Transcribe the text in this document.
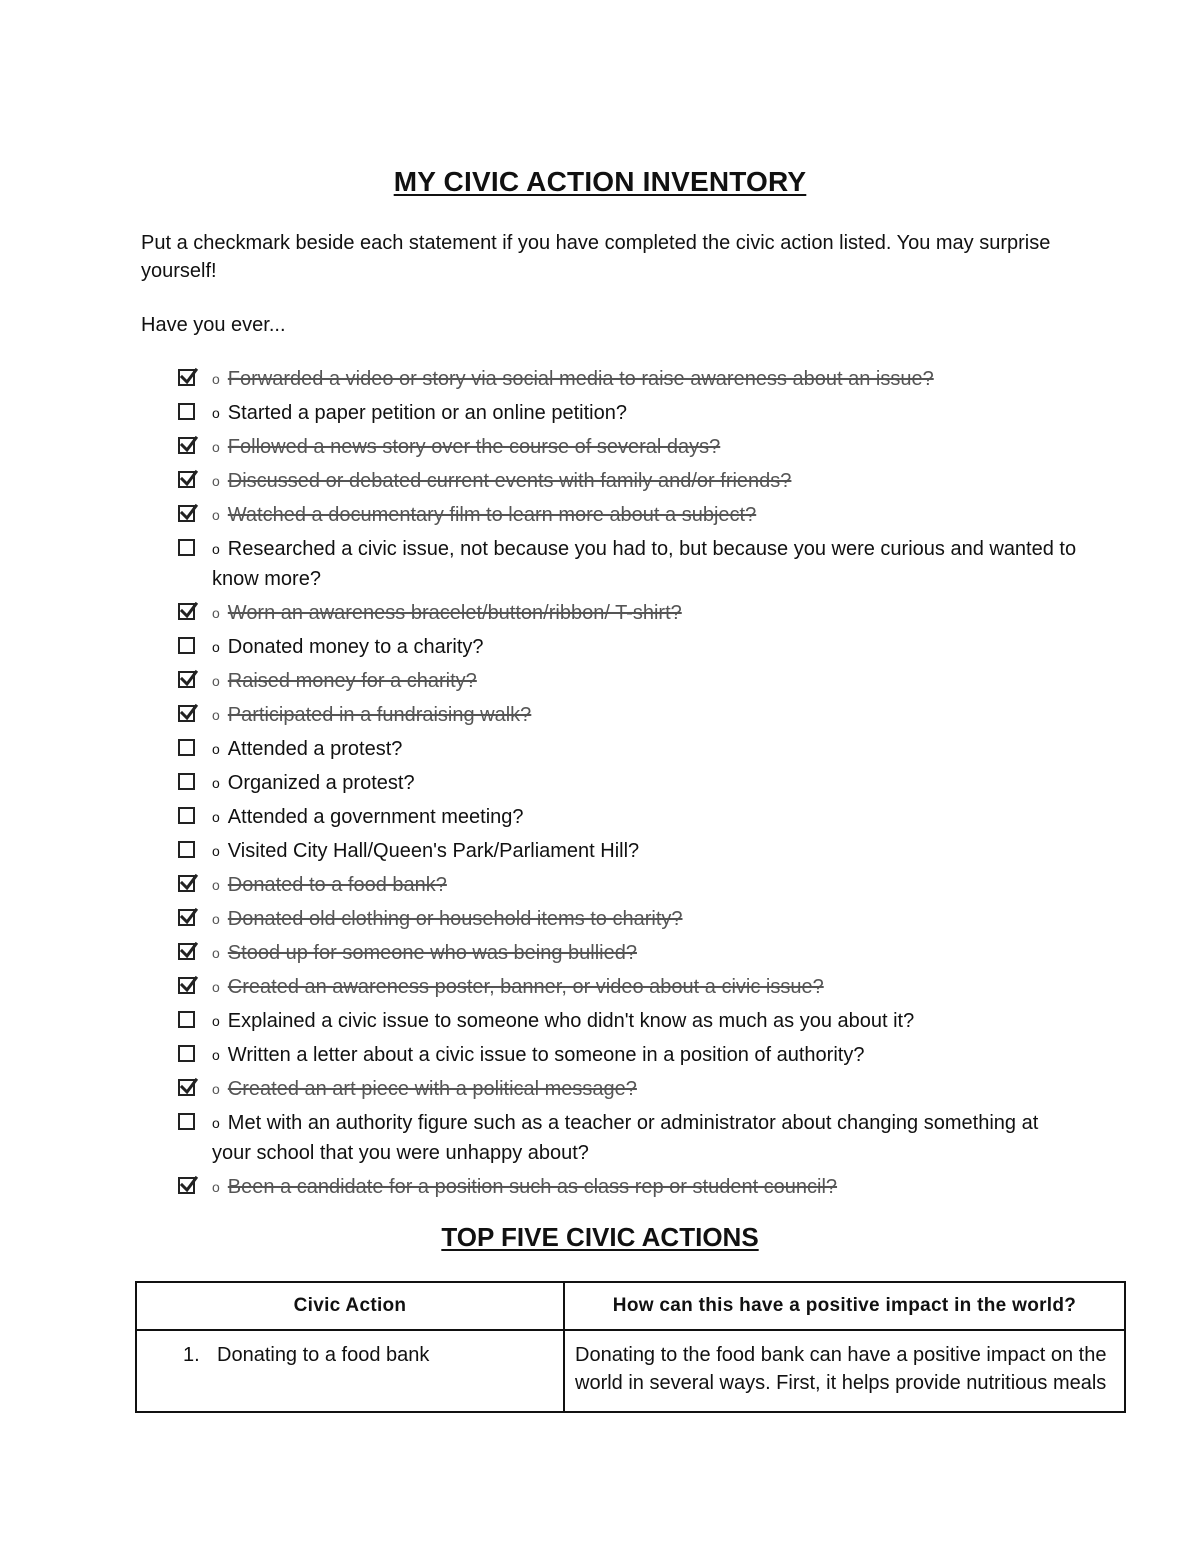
MY CIVIC ACTION INVENTORY
Put a checkmark beside each statement if you have completed the civic action listed. You may surprise yourself!
Have you ever...
o Forwarded a video or story via social media to raise awareness about an issue?
o Started a paper petition or an online petition?
o Followed a news story over the course of several days?
o Discussed or debated current events with family and/or friends?
o Watched a documentary film to learn more about a subject?
o Researched a civic issue, not because you had to, but because you were curious and wanted to know more?
o Worn an awareness bracelet/button/ribbon/ T-shirt?
o Donated money to a charity?
o Raised money for a charity?
o Participated in a fundraising walk?
o Attended a protest?
o Organized a protest?
o Attended a government meeting?
o Visited City Hall/Queen's Park/Parliament Hill?
o Donated to a food bank?
o Donated old clothing or household items to charity?
o Stood up for someone who was being bullied?
o Created an awareness poster, banner, or video about a civic issue?
o Explained a civic issue to someone who didn't know as much as you about it?
o Written a letter about a civic issue to someone in a position of authority?
o Created an art piece with a political message?
o Met with an authority figure such as a teacher or administrator about changing something at your school that you were unhappy about?
o Been a candidate for a position such as class rep or student council?
TOP FIVE CIVIC ACTIONS
Civic Action	How can this have a positive impact in the world?
1. Donating to a food bank	Donating to the food bank can have a positive impact on the world in several ways. First, it helps provide nutritious meals
